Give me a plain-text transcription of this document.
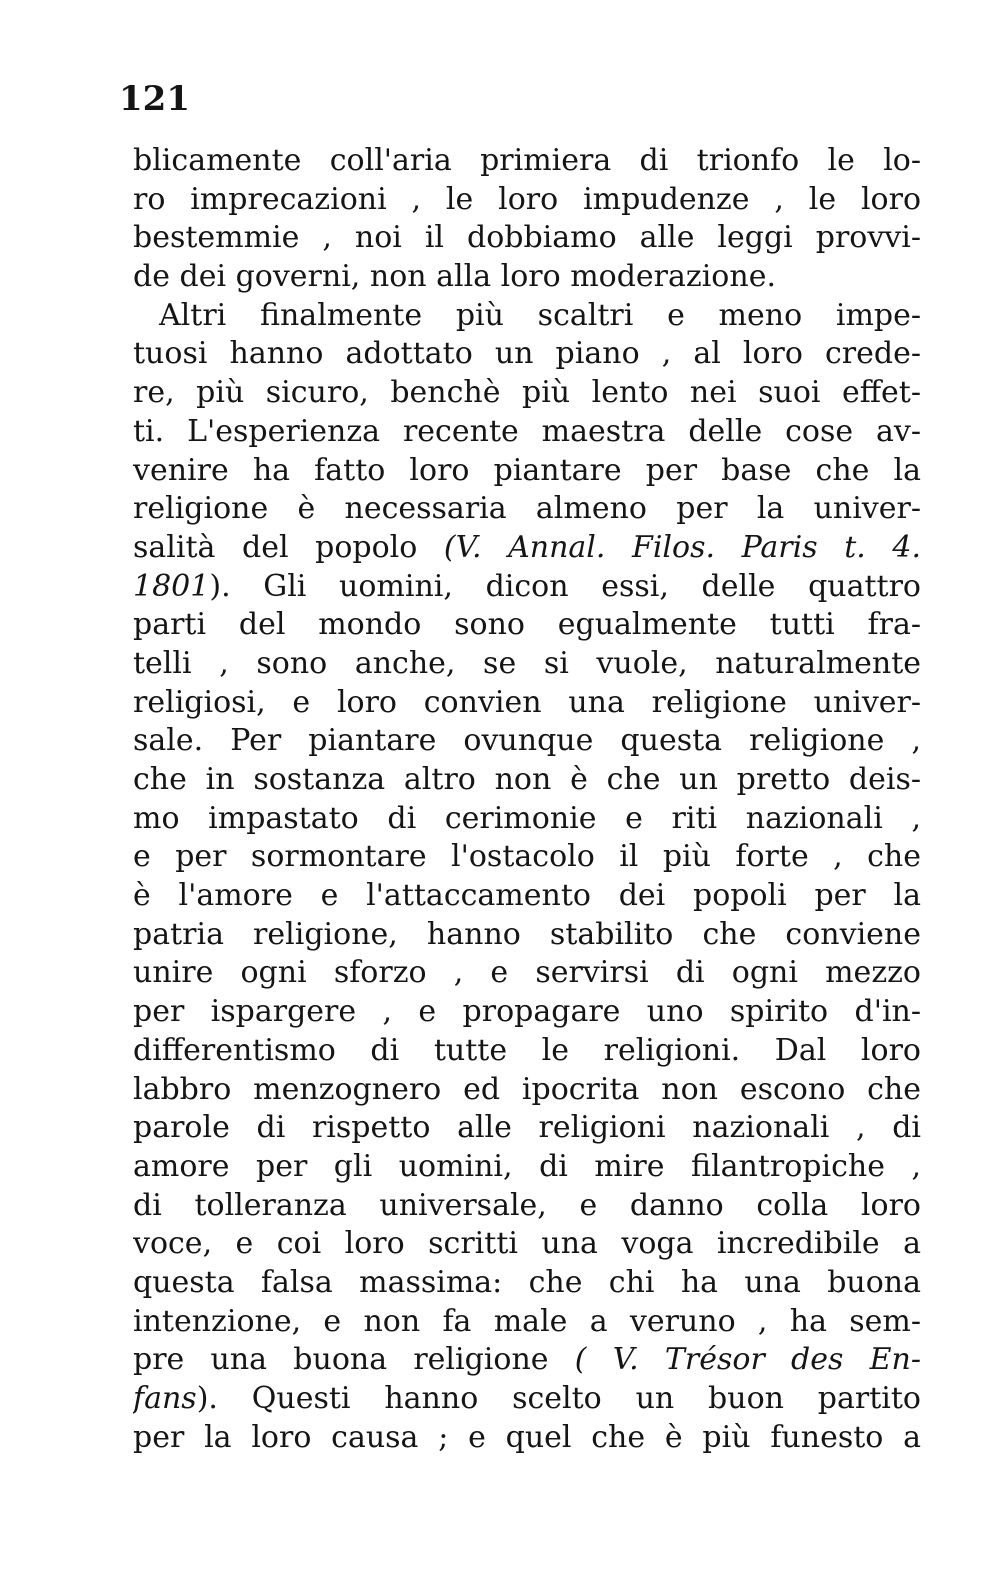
121
blicamente coll'aria primiera di trionfo le lo-
ro imprecazioni , le loro impudenze , le loro
bestemmie , noi il dobbiamo alle leggi provvi-
de dei governi, non alla loro moderazione.
Altri finalmente più scaltri e meno impe-
tuosi hanno adottato un piano , al loro crede-
re, più sicuro, benchè più lento nei suoi effet-
ti. L'esperienza recente maestra delle cose av-
venire ha fatto loro piantare per base che la
religione è necessaria almeno per la univer-
salità del popolo (V. Annal. Filos. Paris t. 4.
1801). Gli uomini, dicon essi, delle quattro
parti del mondo sono egualmente tutti fra-
telli , sono anche, se si vuole, naturalmente
religiosi, e loro convien una religione univer-
sale. Per piantare ovunque questa religione ,
che in sostanza altro non è che un pretto deis-
mo impastato di cerimonie e riti nazionali ,
e per sormontare l'ostacolo il più forte , che
è l'amore e l'attaccamento dei popoli per la
patria religione, hanno stabilito che conviene
unire ogni sforzo , e servirsi di ogni mezzo
per ispargere , e propagare uno spirito d'in-
differentismo di tutte le religioni. Dal loro
labbro menzognero ed ipocrita non escono che
parole di rispetto alle religioni nazionali , di
amore per gli uomini, di mire filantropiche ,
di tolleranza universale, e danno colla loro
voce, e coi loro scritti una voga incredibile a
questa falsa massima: che chi ha una buona
intenzione, e non fa male a veruno , ha sem-
pre una buona religione ( V. Trésor des En-
fans). Questi hanno scelto un buon partito
per la loro causa ; e quel che è più funesto a
